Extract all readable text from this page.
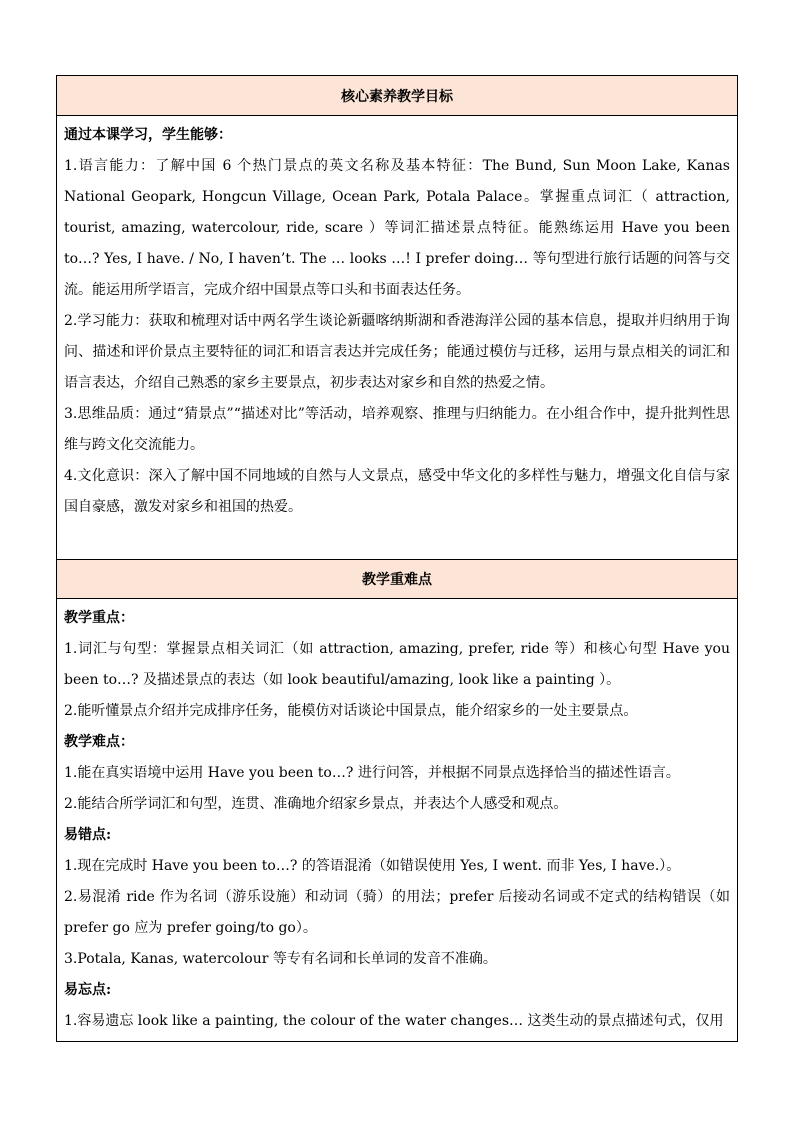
核心素养教学目标

通过本课学习，学生能够：

1.语言能力：了解中国 6 个热门景点的英文名称及基本特征：The Bund, Sun Moon Lake, Kanas National Geopark, Hongcun Village, Ocean Park, Potala Palace。掌握重点词汇（ attraction, tourist, amazing, watercolour, ride, scare ）等词汇描述景点特征。能熟练运用 Have you been to…? Yes, I have. / No, I haven’t. The … looks …! I prefer doing… 等句型进行旅行话题的问答与交流。能运用所学语言，完成介绍中国景点等口头和书面表达任务。

2.学习能力：获取和梳理对话中两名学生谈论新疆喀纳斯湖和香港海洋公园的基本信息，提取并归纳用于询问、描述和评价景点主要特征的词汇和语言表达并完成任务；能通过模仿与迁移，运用与景点相关的词汇和语言表达，介绍自己熟悉的家乡主要景点，初步表达对家乡和自然的热爱之情。

3.思维品质：通过“猜景点”“描述对比”等活动，培养观察、推理与归纳能力。在小组合作中，提升批判性思维与跨文化交流能力。

4.文化意识：深入了解中国不同地域的自然与人文景点，感受中华文化的多样性与魅力，增强文化自信与家国自豪感，激发对家乡和祖国的热爱。

教学重难点

教学重点：

1.词汇与句型：掌握景点相关词汇（如 attraction, amazing, prefer, ride 等）和核心句型 Have you been to…? 及描述景点的表达（如 look beautiful/amazing, look like a painting ）。

2.能听懂景点介绍并完成排序任务，能模仿对话谈论中国景点，能介绍家乡的一处主要景点。

教学难点：

1.能在真实语境中运用 Have you been to…? 进行问答，并根据不同景点选择恰当的描述性语言。

2.能结合所学词汇和句型，连贯、准确地介绍家乡景点，并表达个人感受和观点。

易错点:

1.现在完成时 Have you been to…? 的答语混淆（如错误使用 Yes, I went. 而非 Yes, I have.）。

2.易混淆 ride 作为名词（游乐设施）和动词（骑）的用法；prefer 后接动名词或不定式的结构错误（如 prefer go 应为 prefer going/to go）。

3.Potala, Kanas, watercolour 等专有名词和长单词的发音不准确。

易忘点:

1.容易遗忘 look like a painting, the colour of the water changes… 这类生动的景点描述句式，仅用
